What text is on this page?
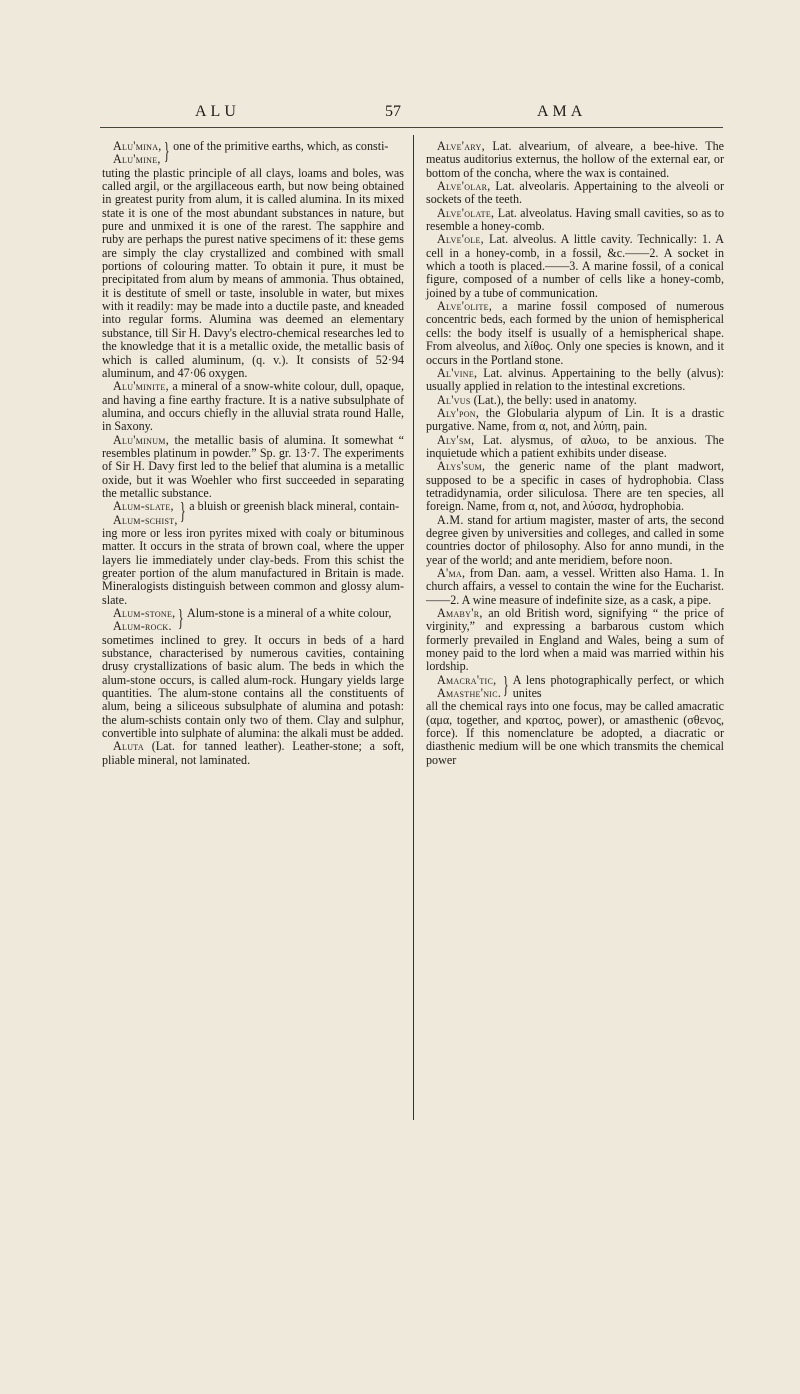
ALU	57	AMA
Alu'mina,
Alu'mine, } one of the primitive earths, which, as consti-

tuting the plastic principle of all clays, loams and boles, was called argil, or the argillaceous earth, but now being obtained in greatest purity from alum, it is called alumina. In its mixed state it is one of the most abundant substances in nature, but pure and unmixed it is one of the rarest. The sapphire and ruby are perhaps the purest native specimens of it: these gems are simply the clay crystallized and combined with small portions of colouring matter. To obtain it pure, it must be precipitated from alum by means of ammonia. Thus obtained, it is destitute of smell or taste, insoluble in water, but mixes with it readily: may be made into a ductile paste, and kneaded into regular forms. Alumina was deemed an elementary substance, till Sir H. Davy's electro-chemical researches led to the knowledge that it is a metallic oxide, the metallic basis of which is called aluminum, (q. v.). It consists of 52·94 aluminum, and 47·06 oxygen.

Alu'minite, a mineral of a snow-white colour, dull, opaque, and having a fine earthy fracture. It is a native subsulphate of alumina, and occurs chiefly in the alluvial strata round Halle, in Saxony.

Alu'minum, the metallic basis of alumina. It somewhat “ resembles platinum in powder.” Sp. gr. 13·7. The experiments of Sir H. Davy first led to the belief that alumina is a metallic oxide, but it was Woehler who first succeeded in separating the metallic substance.

Alum-slate,
Alum-schist, } a bluish or greenish black mineral, contain-

ing more or less iron pyrites mixed with coaly or bituminous matter. It occurs in the strata of brown coal, where the upper layers lie immediately under clay-beds. From this schist the greater portion of the alum manufactured in Britain is made. Mineralogists distinguish between common and glossy alum-slate.

Alum-stone,
Alum-rock. } Alum-stone is a mineral of a white colour,

sometimes inclined to grey. It occurs in beds of a hard substance, characterised by numerous cavities, containing drusy crystallizations of basic alum. The beds in which the alum-stone occurs, is called alum-rock. Hungary yields large quantities. The alum-stone contains all the constituents of alum, being a siliceous subsulphate of alumina and potash: the alum-schists contain only two of them. Clay and sulphur, convertible into sulphate of alumina: the alkali must be added.

Aluta (Lat. for tanned leather). Leather-stone; a soft, pliable mineral, not laminated.

Alve'ary, Lat. alvearium, of alveare, a bee-hive. The meatus auditorius externus, the hollow of the external ear, or bottom of the concha, where the wax is contained.

Alve'olar, Lat. alveolaris. Appertaining to the alveoli or sockets of the teeth.

Alve'olate, Lat. alveolatus. Having small cavities, so as to resemble a honey-comb.

Alve'ole, Lat. alveolus. A little cavity. Technically: 1. A cell in a honey-comb, in a fossil, &c.——2. A socket in which a tooth is placed.——3. A marine fossil, of a conical figure, composed of a number of cells like a honey-comb, joined by a tube of communication.

Alve'olite, a marine fossil composed of numerous concentric beds, each formed by the union of hemispherical cells: the body itself is usually of a hemispherical shape. From alveolus, and λίθος. Only one species is known, and it occurs in the Portland stone.

Al'vine, Lat. alvinus. Appertaining to the belly (alvus): usually applied in relation to the intestinal excretions.

Al'vus (Lat.), the belly: used in anatomy.

Aly'pon, the Globularia alypum of Lin. It is a drastic purgative. Name, from α, not, and λύπη, pain.

Aly'sm, Lat. alysmus, of αλυω, to be anxious. The inquietude which a patient exhibits under disease.

Alys'sum, the generic name of the plant madwort, supposed to be a specific in cases of hydrophobia. Class tetradidynamia, order siliculosa. There are ten species, all foreign. Name, from α, not, and λύσσα, hydrophobia.

A.M. stand for artium magister, master of arts, the second degree given by universities and colleges, and called in some countries doctor of philosophy. Also for anno mundi, in the year of the world; and ante meridiem, before noon.

A'ma, from Dan. aam, a vessel. Written also Hama. 1. In church affairs, a vessel to contain the wine for the Eucharist.——2. A wine measure of indefinite size, as a cask, a pipe.

Amaby'r, an old British word, signifying “ the price of virginity,” and expressing a barbarous custom which formerly prevailed in England and Wales, being a sum of money paid to the lord when a maid was married within his lordship.

Amacra'tic,
Amasthe'nic. } A lens photographically perfect, or which unites

all the chemical rays into one focus, may be called amacratic (αμα, together, and κρατος, power), or amasthenic (σθενος, force). If this nomenclature be adopted, a diacratic or diasthenic medium will be one which transmits the chemical power
